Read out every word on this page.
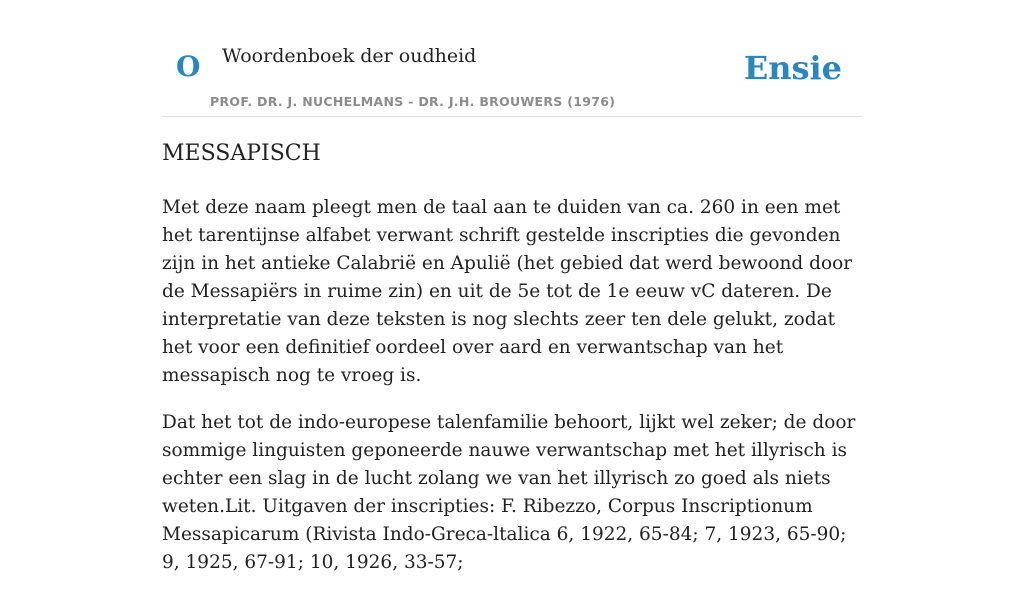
O Woordenboek der oudheid
PROF. DR. J. NUCHELMANS - DR. J.H. BROUWERS (1976)
Ensie
MESSAPISCH

Met deze naam pleegt men de taal aan te duiden van ca. 260 in een met het tarentijnse alfabet verwant schrift gestelde inscripties die gevonden zijn in het antieke Calabrië en Apulië (het gebied dat werd bewoond door de Messapiërs in ruime zin) en uit de 5e tot de 1e eeuw vC dateren. De interpretatie van deze teksten is nog slechts zeer ten dele gelukt, zodat het voor een definitief oordeel over aard en verwantschap van het messapisch nog te vroeg is.

Dat het tot de indo-europese talenfamilie behoort, lijkt wel zeker; de door sommige linguisten geponeerde nauwe verwantschap met het illyrisch is echter een slag in de lucht zolang we van het illyrisch zo goed als niets weten.Lit. Uitgaven der inscripties: F. Ribezzo, Corpus Inscriptionum Messapicarum (Rivista Indo-Greca-ltalica 6, 1922, 65-84; 7, 1923, 65-90; 9, 1925, 67-91; 10, 1926, 33-57;
